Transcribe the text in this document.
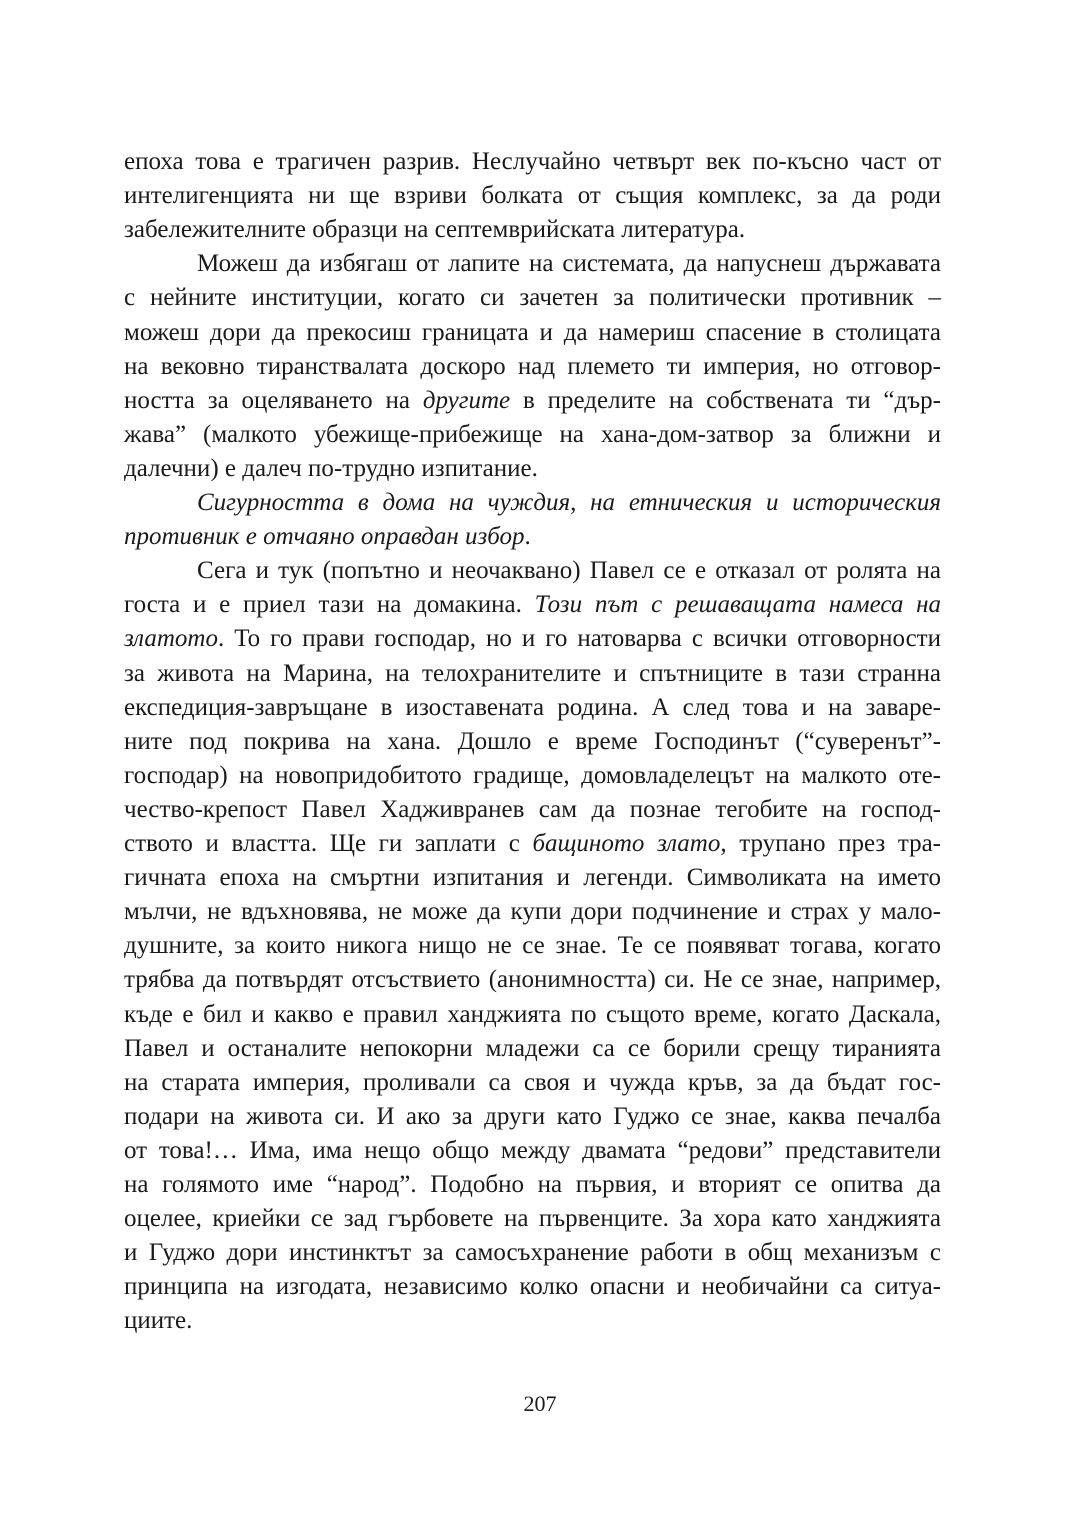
епоха това е трагичен разрив. Неслучайно четвърт век по-късно част от
интелигенцията ни ще взриви болката от същия комплекс, за да роди
забележителните образци на септемврийската литература.
Можеш да избягаш от лапите на системата, да напуснеш държавата
с нейните институции, когато си зачетен за политически противник –
можеш дори да прекосиш границата и да намериш спасение в столицата
на вековно тиранствалата доскоро над племето ти империя, но отговор-
ността за оцеляването на другите в пределите на собствената ти “дър-
жава” (малкото убежище-прибежище на хана-дом-затвор за ближни и
далечни) е далеч по-трудно изпитание.
Сигурността в дома на чуждия, на етническия и историческия
противник е отчаяно оправдан избор.
Сега и тук (попътно и неочаквано) Павел се е отказал от ролята на
госта и е приел тази на домакина. Този път с решаващата намеса на
златото. То го прави господар, но и го натоварва с всички отговорности
за живота на Марина, на телохранителите и спътниците в тази странна
експедиция-завръщане в изоставената родина. А след това и на заваре-
ните под покрива на хана. Дошло е време Господинът (“суверенът”-
господар) на новопридобитото градище, домовладелецът на малкото оте-
чество-крепост Павел Хадживранев сам да познае тегобите на господ-
ството и властта. Ще ги заплати с бащиното злато, трупано през тра-
гичната епоха на смъртни изпитания и легенди. Символиката на името
мълчи, не вдъхновява, не може да купи дори подчинение и страх у мало-
душните, за които никога нищо не се знае. Те се появяват тогава, когато
трябва да потвърдят отсъствието (анонимността) си. Не се знае, например,
къде е бил и какво е правил ханджията по същото време, когато Даскала,
Павел и останалите непокорни младежи са се борили срещу тиранията
на старата империя, проливали са своя и чужда кръв, за да бъдат гос-
подари на живота си. И ако за други като Гуджо се знае, каква печалба
от това!… Има, има нещо общо между двамата “редови” представители
на голямото име “народ”. Подобно на първия, и вторият се опитва да
оцелее, криейки се зад гърбовете на първенците. За хора като ханджията
и Гуджо дори инстинктът за самосъхранение работи в общ механизъм с
принципа на изгодата, независимо колко опасни и необичайни са ситуа-
циите.
207
